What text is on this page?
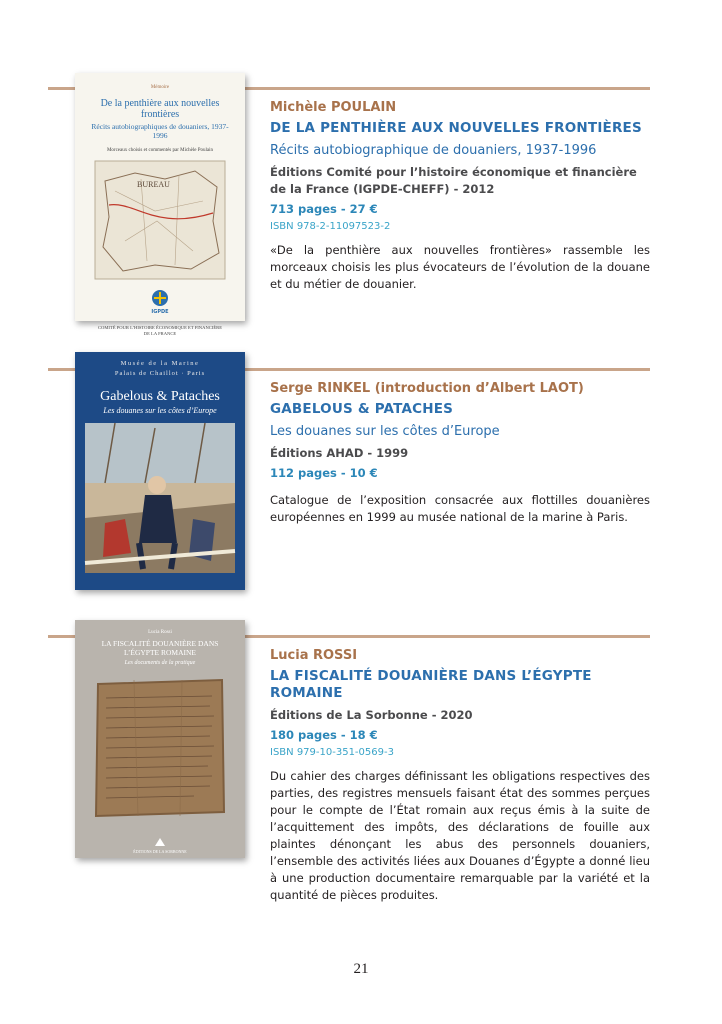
Mémoire
De la penthière aux nouvelles frontières
Récits autobiographiques de douaniers, 1937-1996
Morceaux choisis et commentés par Michèle Poulain
BUREAU
IGPDE
COMITÉ POUR L’HISTOIRE ÉCONOMIQUE ET FINANCIÈRE DE LA FRANCE
Michèle POULAIN
DE LA PENTHIÈRE AUX NOUVELLES FRONTIÈRES
Récits autobiographique de douaniers, 1937-1996
Éditions Comité pour l’histoire économique et financière de la France (IGPDE-CHEFF) - 2012
713 pages - 27 €
ISBN 978-2-11097523-2
«De la penthière aux nouvelles frontières» rassemble les morceaux choisis les plus évocateurs de l’évolution de la douane et du métier de douanier.
Musée de la Marine
Palais de Chaillot · Paris
Gabelous & Pataches
Les douanes sur les côtes d’Europe
Serge RINKEL (introduction d’Albert LAOT)
GABELOUS & PATACHES
Les douanes sur les côtes d’Europe
Éditions AHAD - 1999
112 pages - 10 €
Catalogue de l’exposition consacrée aux flottilles douanières européennes en 1999 au musée national de la marine à Paris.
Lucia Rossi
LA FISCALITÉ DOUANIÈRE DANS L’ÉGYPTE ROMAINE
Les documents de la pratique
ÉDITIONS DE LA SORBONNE
Lucia ROSSI
LA FISCALITÉ DOUANIÈRE DANS L’ÉGYPTE ROMAINE
Éditions de La Sorbonne - 2020
180 pages - 18 €
ISBN 979-10-351-0569-3
Du cahier des charges définissant les obligations respectives des parties, des registres mensuels faisant état des sommes perçues pour le compte de l’État romain aux reçus émis à la suite de l’acquittement des impôts, des déclarations de fouille aux plaintes dénonçant les abus des personnels douaniers, l’ensemble des activités liées aux Douanes d’Égypte a donné lieu à une production documentaire remarquable par la variété et la quantité de pièces produites.
21
